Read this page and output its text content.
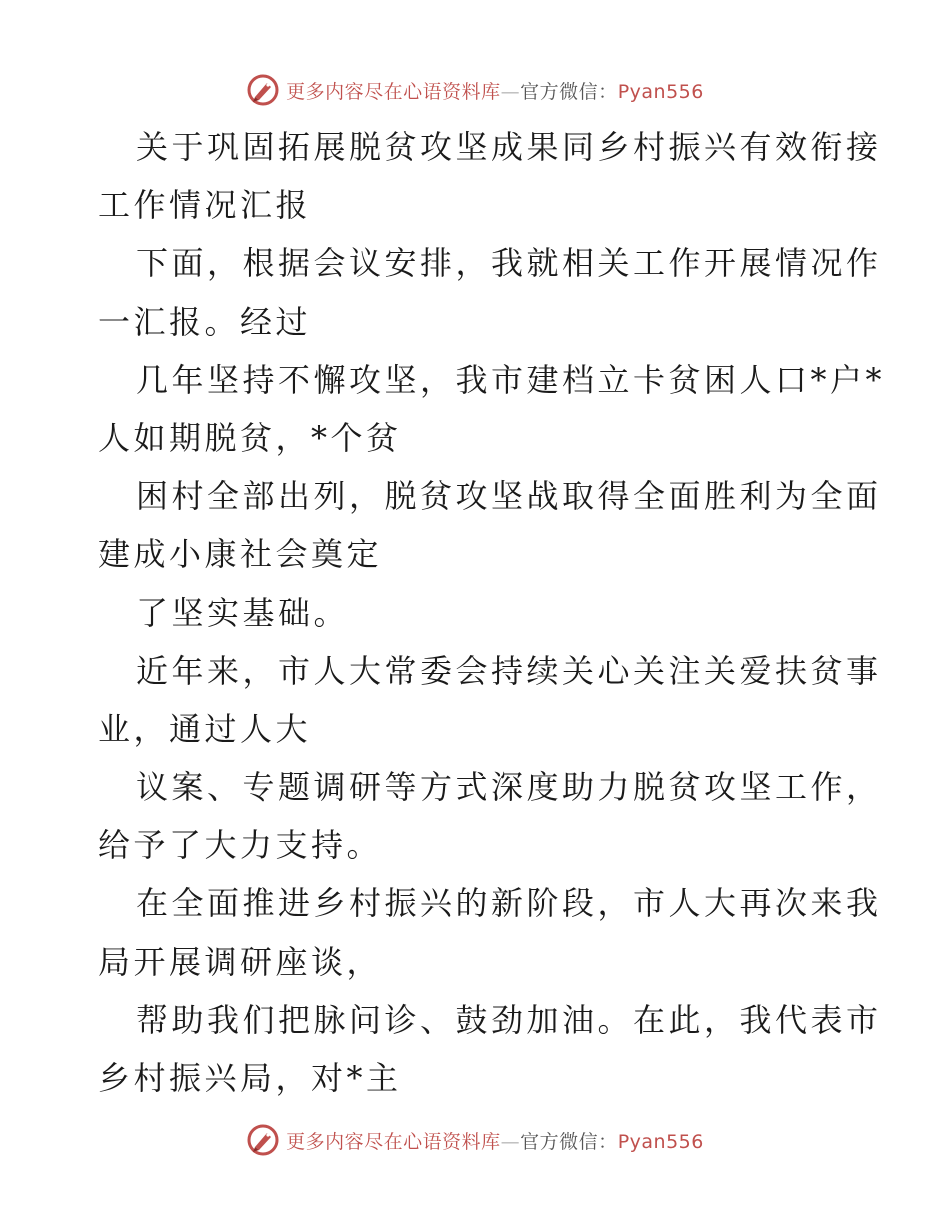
更多内容尽在心语资料库—官方微信：Pyan556
关于巩固拓展脱贫攻坚成果同乡村振兴有效衔接
工作情况汇报
下面，根据会议安排，我就相关工作开展情况作
一汇报。经过
几年坚持不懈攻坚，我市建档立卡贫困人口*户*
人如期脱贫，*个贫
困村全部出列，脱贫攻坚战取得全面胜利为全面
建成小康社会奠定
了坚实基础。
近年来，市人大常委会持续关心关注关爱扶贫事
业，通过人大
议案、专题调研等方式深度助力脱贫攻坚工作，
给予了大力支持。
在全面推进乡村振兴的新阶段，市人大再次来我
局开展调研座谈，
帮助我们把脉问诊、鼓劲加油。在此，我代表市
乡村振兴局，对*主
更多内容尽在心语资料库—官方微信：Pyan556
